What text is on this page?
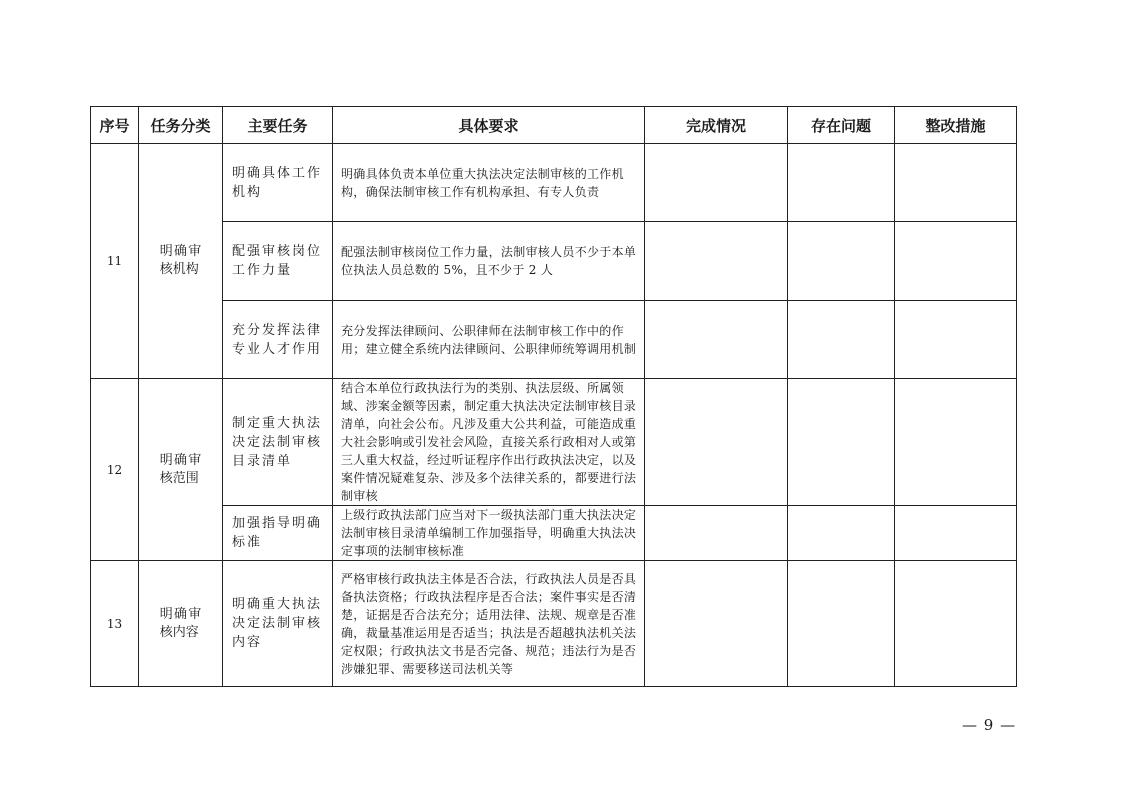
序号	任务分类	主要任务	具体要求	完成情况	存在问题	整改措施
11	明确审核机构	明确具体工作机构	明确具体负责本单位重大执法决定法制审核的工作机构，确保法制审核工作有机构承担、有专人负责			
		配强审核岗位工作力量	配强法制审核岗位工作力量，法制审核人员不少于本单位执法人员总数的 5%，且不少于 2 人			
		充分发挥法律专业人才作用	充分发挥法律顾问、公职律师在法制审核工作中的作用；建立健全系统内法律顾问、公职律师统筹调用机制			
12	明确审核范围	制定重大执法决定法制审核目录清单	结合本单位行政执法行为的类别、执法层级、所属领域、涉案金额等因素，制定重大执法决定法制审核目录清单，向社会公布。凡涉及重大公共利益，可能造成重大社会影响或引发社会风险，直接关系行政相对人或第三人重大权益，经过听证程序作出行政执法决定，以及案件情况疑难复杂、涉及多个法律关系的，都要进行法制审核			
		加强指导明确标准	上级行政执法部门应当对下一级执法部门重大执法决定法制审核目录清单编制工作加强指导，明确重大执法决定事项的法制审核标准			
13	明确审核内容	明确重大执法决定法制审核内容	严格审核行政执法主体是否合法，行政执法人员是否具备执法资格；行政执法程序是否合法；案件事实是否清楚，证据是否合法充分；适用法律、法规、规章是否准确，裁量基准运用是否适当；执法是否超越执法机关法定权限；行政执法文书是否完备、规范；违法行为是否涉嫌犯罪、需要移送司法机关等			
— 9 —
